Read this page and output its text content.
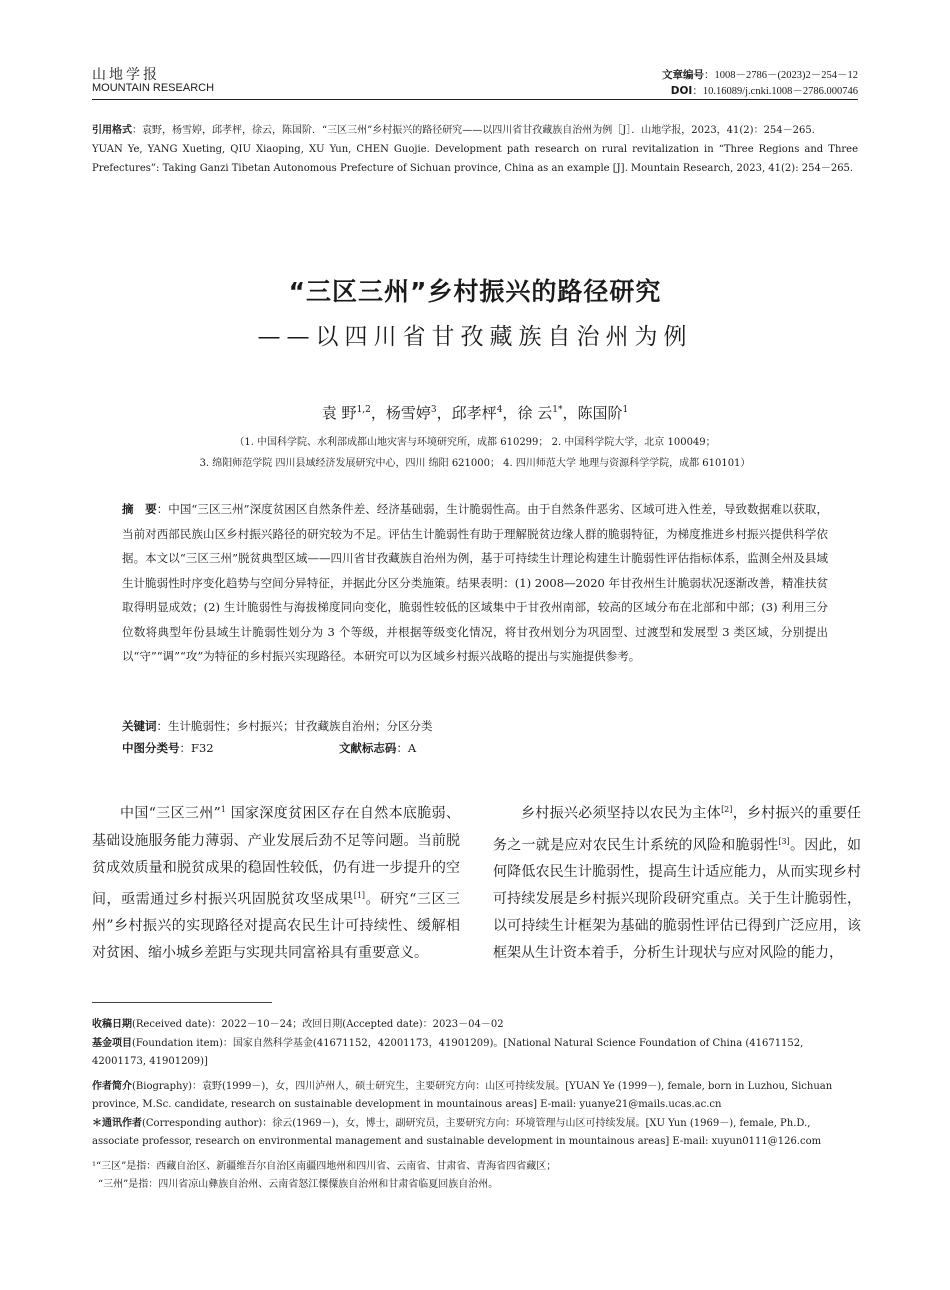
山地学报
MOUNTAIN RESEARCH
文章编号：1008－2786－(2023)2－254－12
DOI：10.16089/j.cnki.1008－2786.000746
引用格式：袁野，杨雪婷，邱孝枰，徐云，陈国阶．“三区三州”乡村振兴的路径研究——以四川省甘孜藏族自治州为例［J］．山地学报，2023，41(2)：254－265．
YUAN Ye, YANG Xueting, QIU Xiaoping, XU Yun, CHEN Guojie. Development path research on rural revitalization in “Three Regions and Three Prefectures”: Taking Ganzi Tibetan Autonomous Prefecture of Sichuan province, China as an example [J]. Mountain Research, 2023, 41(2): 254－265.
“三区三州”乡村振兴的路径研究
——以四川省甘孜藏族自治州为例
袁 野$^{1,2}$，杨雪婷$^3$，邱孝枰$^4$，徐 云$^{1*}$，陈国阶$^1$
（1. 中国科学院、水利部成都山地灾害与环境研究所，成都 610299； 2. 中国科学院大学，北京 100049；
3. 绵阳师范学院 四川县域经济发展研究中心，四川 绵阳 621000； 4. 四川师范大学 地理与资源科学学院，成都 610101）
摘　要：中国“三区三州”深度贫困区自然条件差、经济基础弱，生计脆弱性高。由于自然条件恶劣、区域可进入性差，导致数据难以获取，当前对西部民族山区乡村振兴路径的研究较为不足。评估生计脆弱性有助于理解脱贫边缘人群的脆弱特征，为梯度推进乡村振兴提供科学依据。本文以“三区三州”脱贫典型区域——四川省甘孜藏族自治州为例，基于可持续生计理论构建生计脆弱性评估指标体系，监测全州及县域生计脆弱性时序变化趋势与空间分异特征，并据此分区分类施策。结果表明：(1) 2008—2020 年甘孜州生计脆弱状况逐渐改善，精准扶贫取得明显成效；(2) 生计脆弱性与海拔梯度同向变化，脆弱性较低的区域集中于甘孜州南部，较高的区域分布在北部和中部；(3) 利用三分位数将典型年份县域生计脆弱性划分为 3 个等级，并根据等级变化情况，将甘孜州划分为巩固型、过渡型和发展型 3 类区域，分别提出以“守”“调”“攻”为特征的乡村振兴实现路径。本研究可以为区域乡村振兴战略的提出与实施提供参考。
关键词：生计脆弱性；乡村振兴；甘孜藏族自治州；分区分类
中图分类号：F32	文献标志码：A

中国“三区三州”$^1$ 国家深度贫困区存在自然本底脆弱、基础设施服务能力薄弱、产业发展后劲不足等问题。当前脱贫成效质量和脱贫成果的稳固性较低，仍有进一步提升的空间，亟需通过乡村振兴巩固脱贫攻坚成果[1]。研究“三区三州”乡村振兴的实现路径对提高农民生计可持续性、缓解相对贫困、缩小城乡差距与实现共同富裕具有重要意义。

乡村振兴必须坚持以农民为主体[2]，乡村振兴的重要任务之一就是应对农民生计系统的风险和脆弱性[3]。因此，如何降低农民生计脆弱性，提高生计适应能力，从而实现乡村可持续发展是乡村振兴现阶段研究重点。关于生计脆弱性，以可持续生计框架为基础的脆弱性评估已得到广泛应用，该框架从生计资本着手，分析生计现状与应对风险的能力，

收稿日期 (Received date)：2022－10－24；改回日期(Accepted date)：2023－04－02
基金项目(Foundation item)：国家自然科学基金(41671152，42001173，41901209)。[National Natural Science Foundation of China (41671152, 42001173, 41901209)]
作者简介(Biography)：袁野(1999－)，女，四川泸州人，硕士研究生，主要研究方向：山区可持续发展。[YUAN Ye (1999－), female, born in Luzhou, Sichuan province, M.Sc. candidate, research on sustainable development in mountainous areas] E-mail: yuanye21@mails.ucas.ac.cn
＊通讯作者(Corresponding author)：徐云(1969－)，女，博士，副研究员，主要研究方向：环境管理与山区可持续发展。[XU Yun (1969－), female, Ph.D., associate professor, research on environmental management and sustainable development in mountainous areas] E-mail: xuyun0111@126.com
¹“三区”是指：西藏自治区、新疆维吾尔自治区南疆四地州和四川省、云南省、甘肃省、青海省四省藏区；
“三州”是指：四川省凉山彝族自治州、云南省怒江傈僳族自治州和甘肃省临夏回族自治州。
